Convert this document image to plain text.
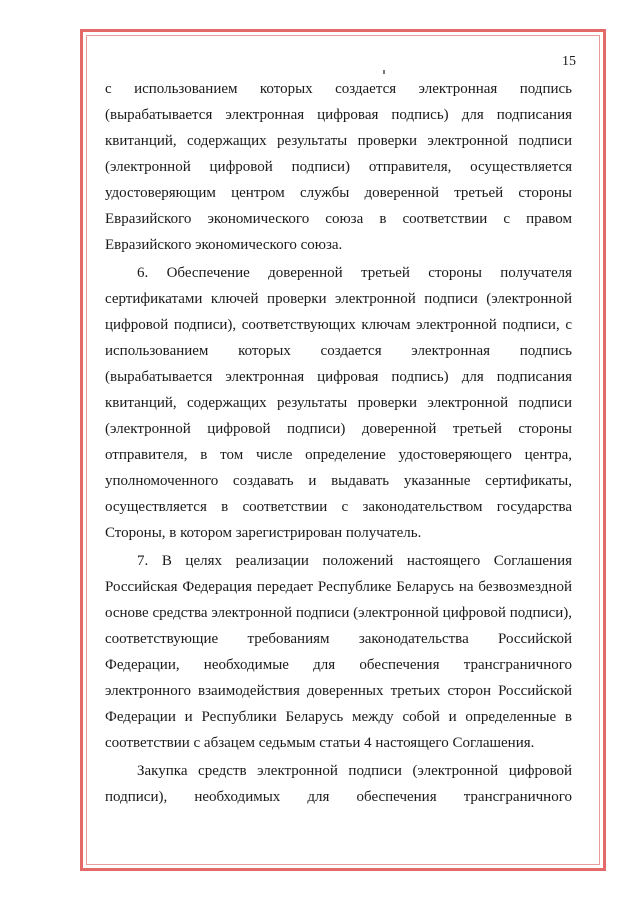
15

с использованием которых создается электронная подпись (вырабатывается электронная цифровая подпись) для подписания квитанций, содержащих результаты проверки электронной подписи (электронной цифровой подписи) отправителя, осуществляется удостоверяющим центром службы доверенной третьей стороны Евразийского экономического союза в соответствии с правом Евразийского экономического союза.

6. Обеспечение доверенной третьей стороны получателя сертификатами ключей проверки электронной подписи (электронной цифровой подписи), соответствующих ключам электронной подписи, с использованием которых создается электронная подпись (вырабатывается электронная цифровая подпись) для подписания квитанций, содержащих результаты проверки электронной подписи (электронной цифровой подписи) доверенной третьей стороны отправителя, в том числе определение удостоверяющего центра, уполномоченного создавать и выдавать указанные сертификаты, осуществляется в соответствии с законодательством государства Стороны, в котором зарегистрирован получатель.

7. В целях реализации положений настоящего Соглашения Российская Федерация передает Республике Беларусь на безвозмездной основе средства электронной подписи (электронной цифровой подписи), соответствующие требованиям законодательства Российской Федерации, необходимые для обеспечения трансграничного электронного взаимодействия доверенных третьих сторон Российской Федерации и Республики Беларусь между собой и определенные в соответствии с абзацем седьмым статьи 4 настоящего Соглашения.

Закупка средств электронной подписи (электронной цифровой подписи), необходимых для обеспечения трансграничного
